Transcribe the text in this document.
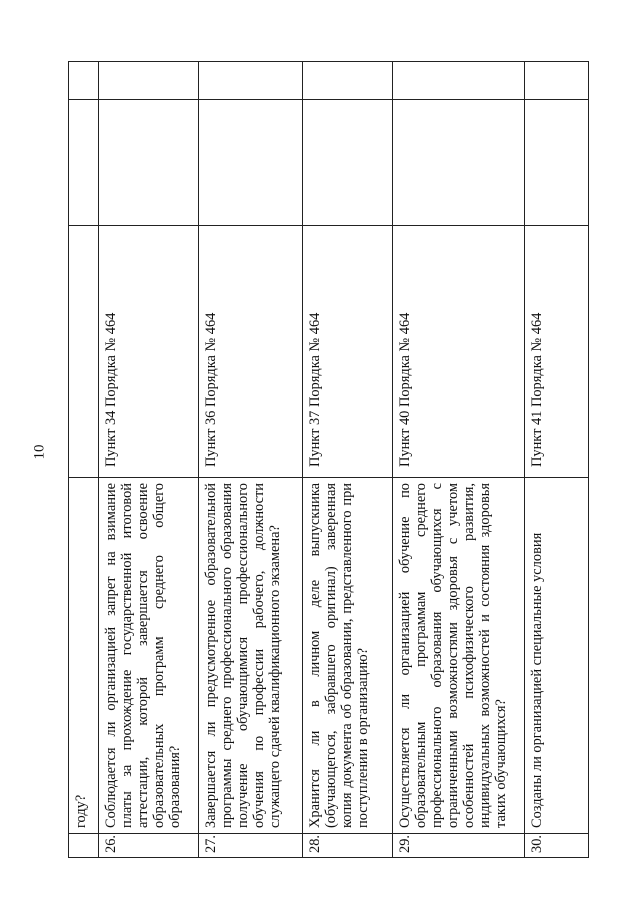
10
	году?			
26.	Соблюдается ли организацией запрет на взимание платы за прохождение государственной итоговой аттестации, которой завершается освоение образовательных программ среднего общего образования?	Пункт 34 Порядка № 464		
27.	Завершается ли предусмотренное образовательной программы среднего профессионального образования получение обучающимися профессионального обучения по профессии рабочего, должности служащего сдачей квалификационного экзамена?	Пункт 36 Порядка № 464		
28.	Хранится ли в личном деле выпускника (обучающегося, забравшего оригинал) заверенная копия документа об образовании, представленного при поступлении в организацию?	Пункт 37 Порядка № 464		
29.	Осуществляется ли организацией обучение по образовательным программам среднего профессионального образования обучающихся с ограниченными возможностями здоровья с учетом особенностей психофизического развития, индивидуальных возможностей и состояния здоровья таких обучающихся?	Пункт 40 Порядка № 464		
30.	Созданы ли организацией специальные условия	Пункт 41 Порядка № 464		
